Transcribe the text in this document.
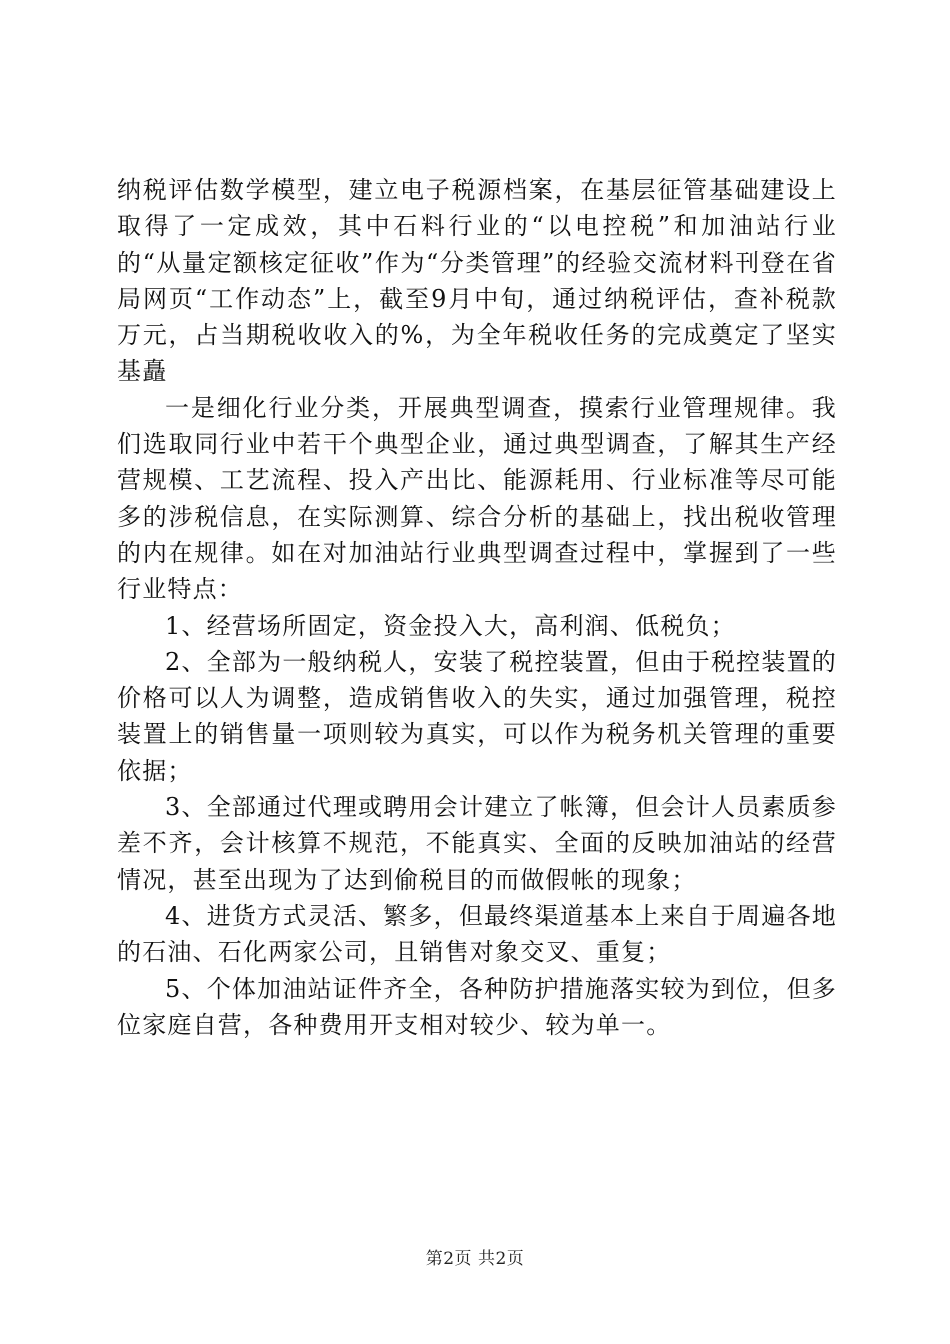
纳税评估数学模型，建立电子税源档案，在基层征管基础建设上取得了一定成效，其中石料行业的“以电控税”和加油站行业的“从量定额核定征收”作为“分类管理”的经验交流材料刊登在省局网页“工作动态”上，截至9月中旬，通过纳税评估，查补税款万元，占当期税收收入的%，为全年税收任务的完成奠定了坚实基矗

一是细化行业分类，开展典型调查，摸索行业管理规律。我们选取同行业中若干个典型企业，通过典型调查，了解其生产经营规模、工艺流程、投入产出比、能源耗用、行业标准等尽可能多的涉税信息，在实际测算、综合分析的基础上，找出税收管理的内在规律。如在对加油站行业典型调查过程中，掌握到了一些行业特点：

1、经营场所固定，资金投入大，高利润、低税负；

2、全部为一般纳税人，安装了税控装置，但由于税控装置的价格可以人为调整，造成销售收入的失实，通过加强管理，税控装置上的销售量一项则较为真实，可以作为税务机关管理的重要依据；

3、全部通过代理或聘用会计建立了帐簿，但会计人员素质参差不齐，会计核算不规范，不能真实、全面的反映加油站的经营情况，甚至出现为了达到偷税目的而做假帐的现象；

4、进货方式灵活、繁多，但最终渠道基本上来自于周遍各地的石油、石化两家公司，且销售对象交叉、重复；

5、个体加油站证件齐全，各种防护措施落实较为到位，但多位家庭自营，各种费用开支相对较少、较为单一。

第2页 共2页
